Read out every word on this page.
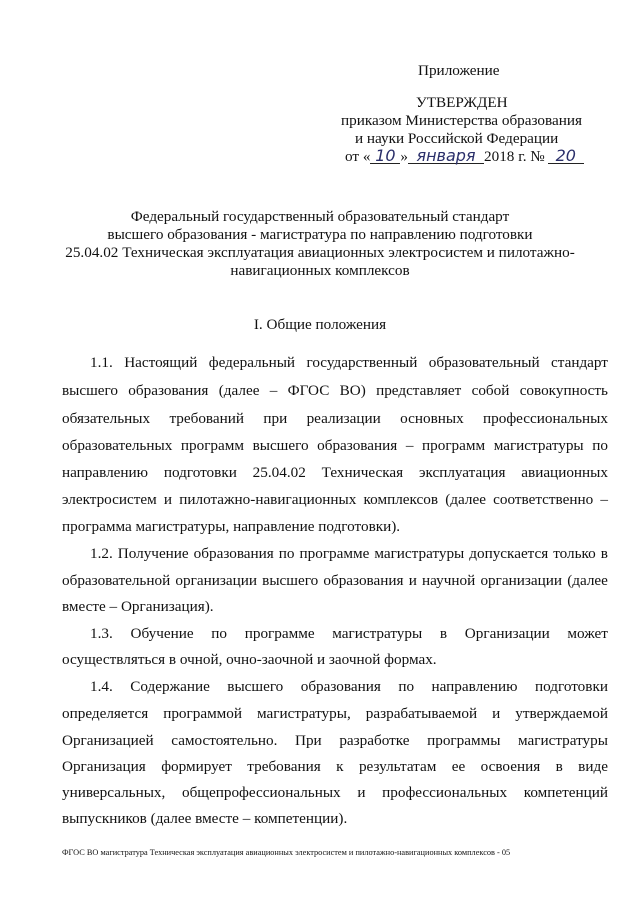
Приложение
УТВЕРЖДЕН
приказом Министерства образования
и науки Российской Федерации
от « 10 » января 2018 г. № 20
Федеральный государственный образовательный стандарт
высшего образования - магистратура по направлению подготовки
25.04.02 Техническая эксплуатация авиационных электросистем и пилотажно-
навигационных комплексов
I. Общие положения
1.1. Настоящий федеральный государственный образовательный стандарт
высшего образования (далее – ФГОС ВО) представляет собой совокупность
обязательных требований при реализации основных профессиональных
образовательных программ высшего образования – программ магистратуры по
направлению подготовки 25.04.02 Техническая эксплуатация авиационных
электросистем и пилотажно-навигационных комплексов (далее соответственно –
программа магистратуры, направление подготовки).
1.2. Получение образования по программе магистратуры допускается только в
образовательной организации высшего образования и научной организации (далее
вместе – Организация).
1.3. Обучение по программе магистратуры в Организации может
осуществляться в очной, очно-заочной и заочной формах.
1.4. Содержание высшего образования по направлению подготовки
определяется программой магистратуры, разрабатываемой и утверждаемой
Организацией самостоятельно. При разработке программы магистратуры
Организация формирует требования к результатам ее освоения в виде
универсальных, общепрофессиональных и профессиональных компетенций
выпускников (далее вместе – компетенции).
ФГОС ВО магистратура Техническая эксплуатация авиационных электросистем и пилотажно-навигационных комплексов - 05
